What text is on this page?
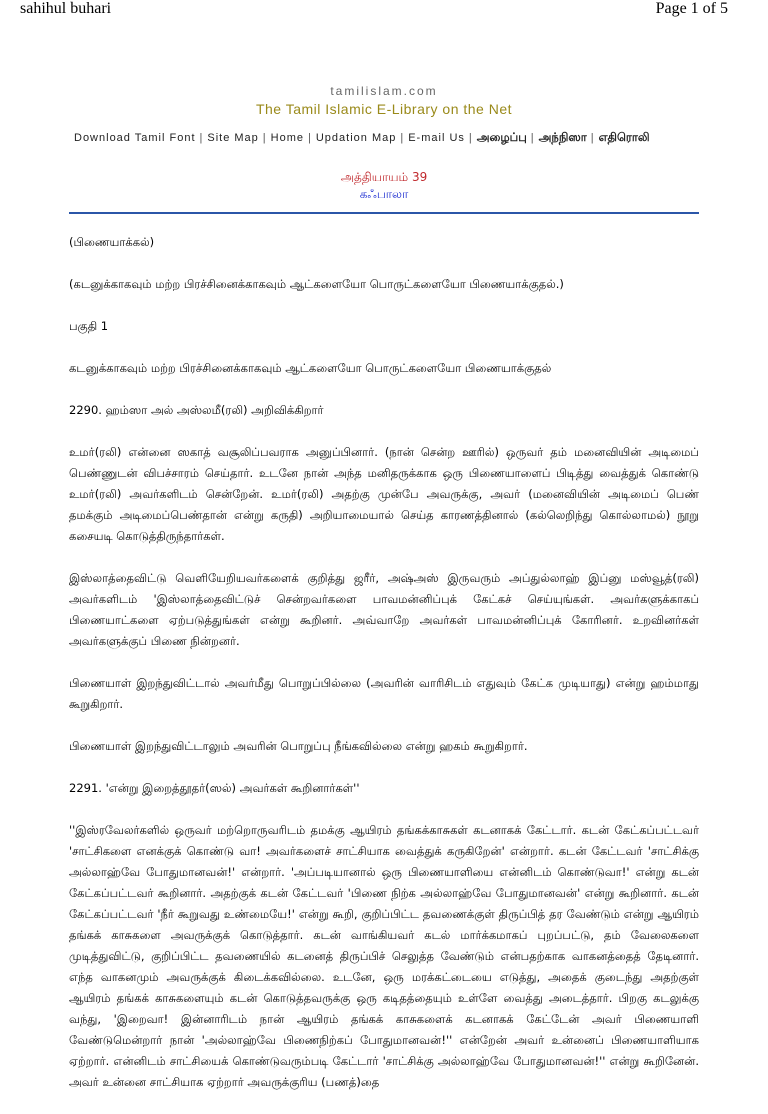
sahihul buhari	Page 1 of 5
tamilislam.com
The Tamil Islamic E-Library on the Net
Download Tamil Font | Site Map | Home | Updation Map | E-mail Us | அழைப்பு | அந்நிஸா | எதிரொலி
அத்தியாயம் 39
கஃபாலா

(பிணையாக்கல்)

(கடனுக்காகவும் மற்ற பிரச்சினைக்காகவும் ஆட்களையோ பொருட்களையோ பிணையாக்குதல்.)

பகுதி 1

கடனுக்காகவும் மற்ற பிரச்சினைக்காகவும் ஆட்களையோ பொருட்களையோ பிணையாக்குதல்

2290. ஹம்ஸா அல் அஸ்லமீ(ரலி) அறிவிக்கிறார்

உமர்(ரலி) என்னை ஸகாத் வசூலிப்பவராக அனுப்பினார். (நான் சென்ற ஊரில்) ஒருவர் தம் மனைவியின் அடிமைப் பெண்ணுடன் விபச்சாரம் செய்தார். உடனே நான் அந்த மனிதருக்காக ஒரு பிணையாளைப் பிடித்து வைத்துக் கொண்டு உமர்(ரலி) அவர்களிடம் சென்றேன். உமர்(ரலி) அதற்கு முன்பே அவருக்கு, அவர் (மனைவியின் அடிமைப் பெண் தமக்கும் அடிமைப்பெண்தான் என்று கருதி) அறியாமையால் செய்த காரணத்தினால் (கல்லெறிந்து கொல்லாமல்) நூறு கசையடி கொடுத்திருந்தார்கள்.

இஸ்லாத்தைவிட்டு வெளியேறியவர்களைக் குறித்து ஜரீர், அஷ்அஸ் இருவரும் அப்துல்லாஹ் இப்னு மஸ்வூத்(ரலி) அவர்களிடம் 'இஸ்லாத்தைவிட்டுச் சென்றவர்களை பாவமன்னிப்புக் கேட்கச் செய்யுங்கள். அவர்களுக்காகப் பிணையாட்களை ஏற்படுத்துங்கள் என்று கூறினர். அவ்வாறே அவர்கள் பாவமன்னிப்புக் கோரினர். உறவினர்கள் அவர்களுக்குப் பிணை நின்றனர்.

பிணையாள் இறந்துவிட்டால் அவர்மீது பொறுப்பில்லை (அவரின் வாரிசிடம் எதுவும் கேட்க முடியாது) என்று ஹம்மாது கூறுகிறார்.

பிணையாள் இறந்துவிட்டாலும் அவரின் பொறுப்பு நீங்கவில்லை என்று ஹகம் கூறுகிறார்.

2291. 'என்று இறைத்தூதர்(ஸல்) அவர்கள் கூறினார்கள்''

''இஸ்ரவேலர்களில் ஒருவர் மற்றொருவரிடம் தமக்கு ஆயிரம் தங்கக்காசுகள் கடனாகக் கேட்டார். கடன் கேட்கப்பட்டவர் 'சாட்சிகளை எனக்குக் கொண்டு வா! அவர்களைச் சாட்சியாக வைத்துக் கருகிறேன்' என்றார். கடன் கேட்டவர் 'சாட்சிக்கு அல்லாஹ்வே போதுமானவன்!' என்றார். 'அப்படியானால் ஒரு பிணையாளியை என்னிடம் கொண்டுவா!' என்று கடன் கேட்கப்பட்டவர் கூறினார். அதற்குக் கடன் கேட்டவர் 'பிணை நிற்க அல்லாஹ்வே போதுமானவன்' என்று கூறினார். கடன் கேட்கப்பட்டவர் 'நீர் கூறுவது உண்மையே!' என்று கூறி, குறிப்பிட்ட தவணைக்குள் திருப்பித் தர வேண்டும் என்று ஆயிரம் தங்கக் காசுகளை அவருக்குக் கொடுத்தார். கடன் வாங்கியவர் கடல் மார்க்கமாகப் புறப்பட்டு, தம் வேலைகளை முடித்துவிட்டு, குறிப்பிட்ட தவணையில் கடனைத் திருப்பிச் செலுத்த வேண்டும் என்பதற்காக வாகனத்தைத் தேடினார். எந்த வாகனமும் அவருக்குக் கிடைக்கவில்லை. உடனே, ஒரு மரக்கட்டையை எடுத்து, அதைக் குடைந்து அதற்குள் ஆயிரம் தங்கக் காசுகளையும் கடன் கொடுத்தவருக்கு ஒரு கடிதத்தையும் உள்ளே வைத்து அடைத்தார். பிறகு கடலுக்கு வந்து, 'இறைவா! இன்னாரிடம் நான் ஆயிரம் தங்கக் காசுகளைக் கடனாகக் கேட்டேன் அவர் பிணையாளி வேண்டுமென்றார் நான் 'அல்லாஹ்வே பிணைநிற்கப் போதுமானவன்!'' என்றேன் அவர் உன்னைப் பிணையாளியாக ஏற்றார். என்னிடம் சாட்சியைக் கொண்டுவரும்படி கேட்டார் 'சாட்சிக்கு அல்லாஹ்வே போதுமானவன்!'' என்று கூறினேன். அவர் உன்னை சாட்சியாக ஏற்றார் அவருக்குரிய (பணத்)தை
